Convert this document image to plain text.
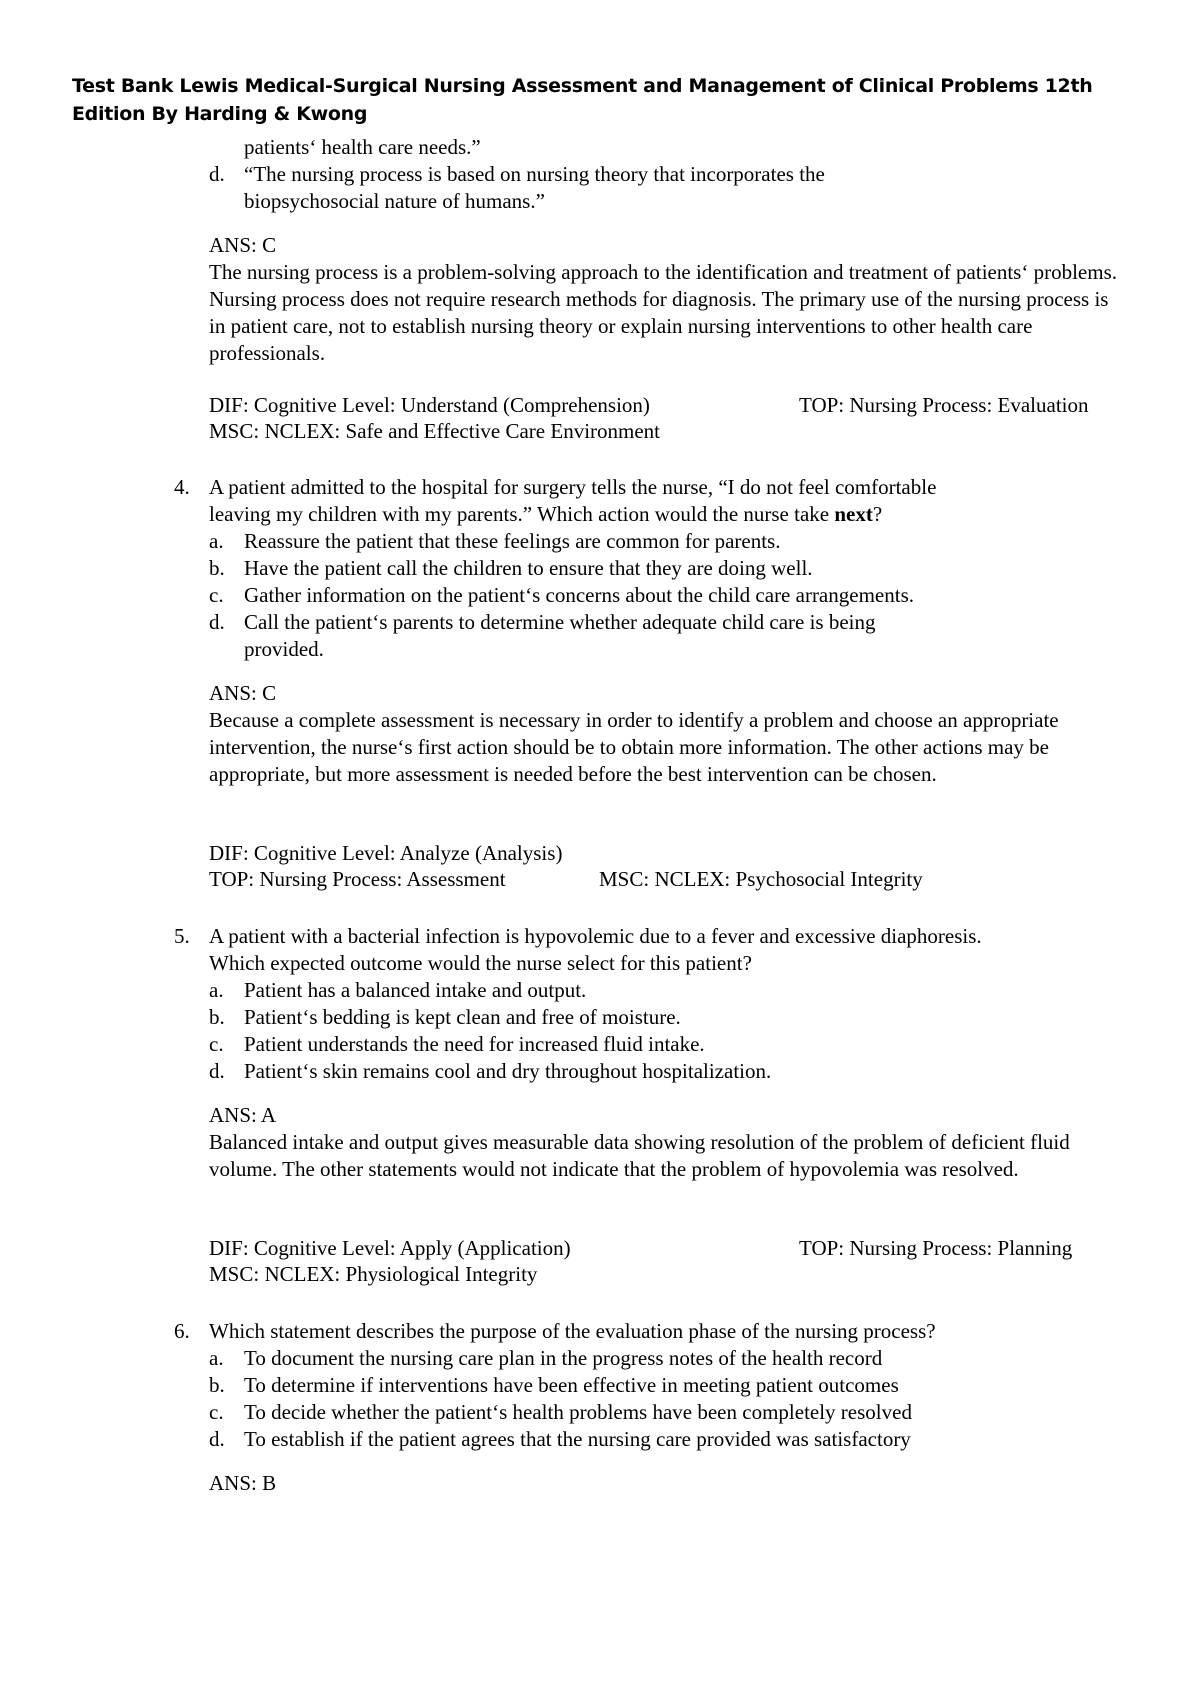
Test Bank Lewis Medical-Surgical Nursing Assessment and Management of Clinical Problems 12th Edition By Harding & Kwong
patients‘ health care needs.”
d. “The nursing process is based on nursing theory that incorporates the
biopsychosocial nature of humans.”
ANS: C
The nursing process is a problem-solving approach to the identification and treatment of patients‘ problems. Nursing process does not require research methods for diagnosis. The primary use of the nursing process is in patient care, not to establish nursing theory or explain nursing interventions to other health care professionals.
DIF: Cognitive Level: Understand (Comprehension)	TOP: Nursing Process: Evaluation
MSC: NCLEX: Safe and Effective Care Environment
4. A patient admitted to the hospital for surgery tells the nurse, “I do not feel comfortable
leaving my children with my parents.” Which action would the nurse take next?
a. Reassure the patient that these feelings are common for parents.
b. Have the patient call the children to ensure that they are doing well.
c. Gather information on the patient‘s concerns about the child care arrangements.
d. Call the patient‘s parents to determine whether adequate child care is being
provided.
ANS: C
Because a complete assessment is necessary in order to identify a problem and choose an appropriate intervention, the nurse‘s first action should be to obtain more information. The other actions may be appropriate, but more assessment is needed before the best intervention can be chosen.
DIF: Cognitive Level: Analyze (Analysis)
TOP: Nursing Process: Assessment	MSC: NCLEX: Psychosocial Integrity
5. A patient with a bacterial infection is hypovolemic due to a fever and excessive diaphoresis.
Which expected outcome would the nurse select for this patient?
a. Patient has a balanced intake and output.
b. Patient‘s bedding is kept clean and free of moisture.
c. Patient understands the need for increased fluid intake.
d. Patient‘s skin remains cool and dry throughout hospitalization.
ANS: A
Balanced intake and output gives measurable data showing resolution of the problem of deficient fluid volume. The other statements would not indicate that the problem of hypovolemia was resolved.
DIF: Cognitive Level: Apply (Application)	TOP: Nursing Process: Planning
MSC: NCLEX: Physiological Integrity
6. Which statement describes the purpose of the evaluation phase of the nursing process?
a. To document the nursing care plan in the progress notes of the health record
b. To determine if interventions have been effective in meeting patient outcomes
c. To decide whether the patient‘s health problems have been completely resolved
d. To establish if the patient agrees that the nursing care provided was satisfactory
ANS: B
